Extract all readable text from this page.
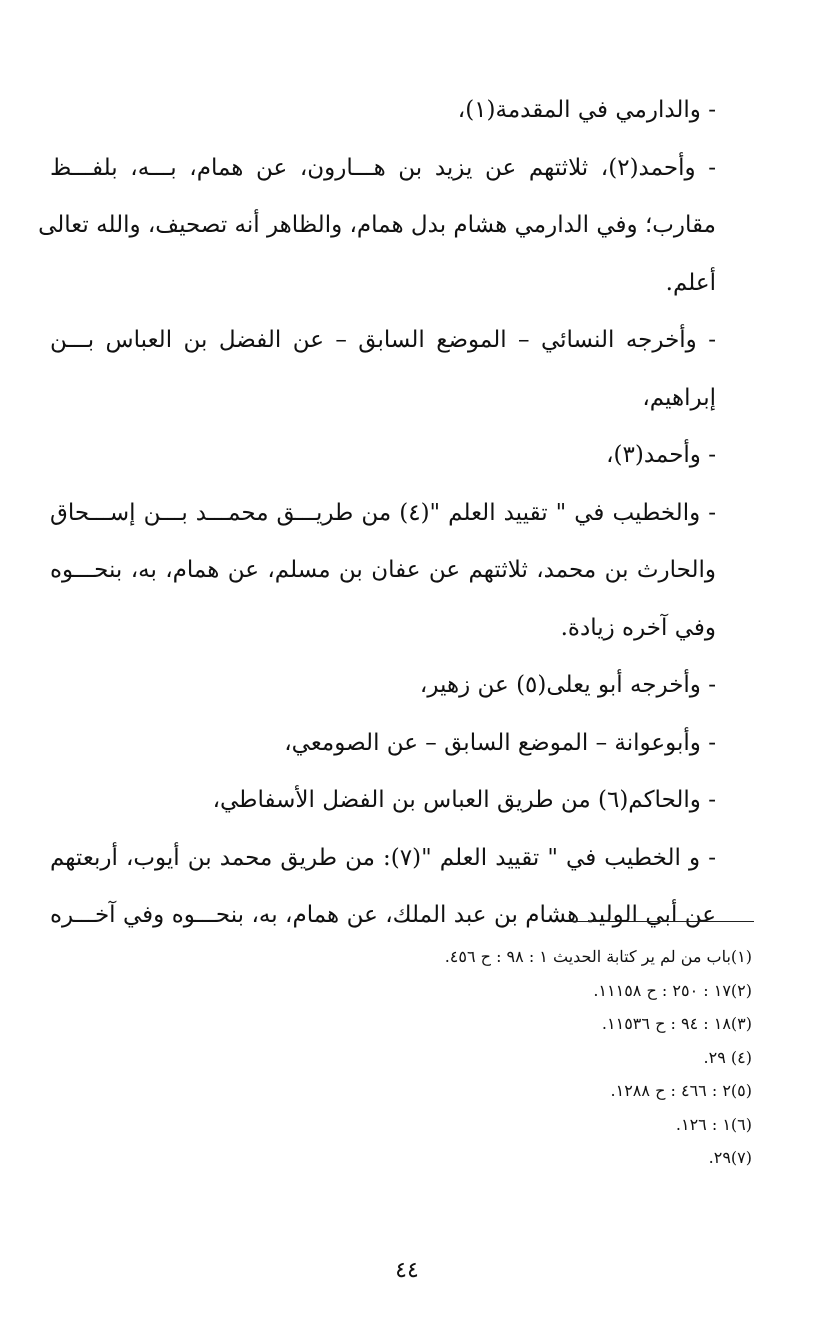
- والدارمي في المقدمة(١)،
- وأحمد(٢)، ثلاثتهم عن يزيد بن هـــارون، عن همام، بـــه، بلفـــظ
مقارب؛ وفي الدارمي هشام بدل همام، والظاهر أنه تصحيف، والله تعالى
أعلم.
- وأخرجه النسائي – الموضع السابق – عن الفضل بن العباس بـــن
إبراهيم،
- وأحمد(٣)،
- والخطيب في " تقييد العلم "(٤) من طريـــق محمـــد بـــن إســـحاق
والحارث بن محمد، ثلاثتهم عن عفان بن مسلم، عن همام، به، بنحـــوه
وفي آخره زيادة.
- وأخرجه أبو يعلى(٥) عن زهير،
- وأبوعوانة – الموضع السابق – عن الصومعي،
- والحاكم(٦) من طريق العباس بن الفضل الأسفاطي،
- و الخطيب في " تقييد العلم "(٧): من طريق محمد بن أيوب، أربعتهم
عن أبي الوليد هشام بن عبد الملك، عن همام، به، بنحـــوه وفي آخـــره
(١)باب من لم ير كتابة الحديث ١ : ٩٨ : ح ٤٥٦.
(٢)١٧ : ٢٥٠ : ح ١١١٥٨.
(٣)١٨ : ٩٤ : ح ١١٥٣٦.
(٤) ٢٩.
(٥)٢ : ٤٦٦ : ح ١٢٨٨.
(٦)١ : ١٢٦.
(٧)٢٩.
٤٤
